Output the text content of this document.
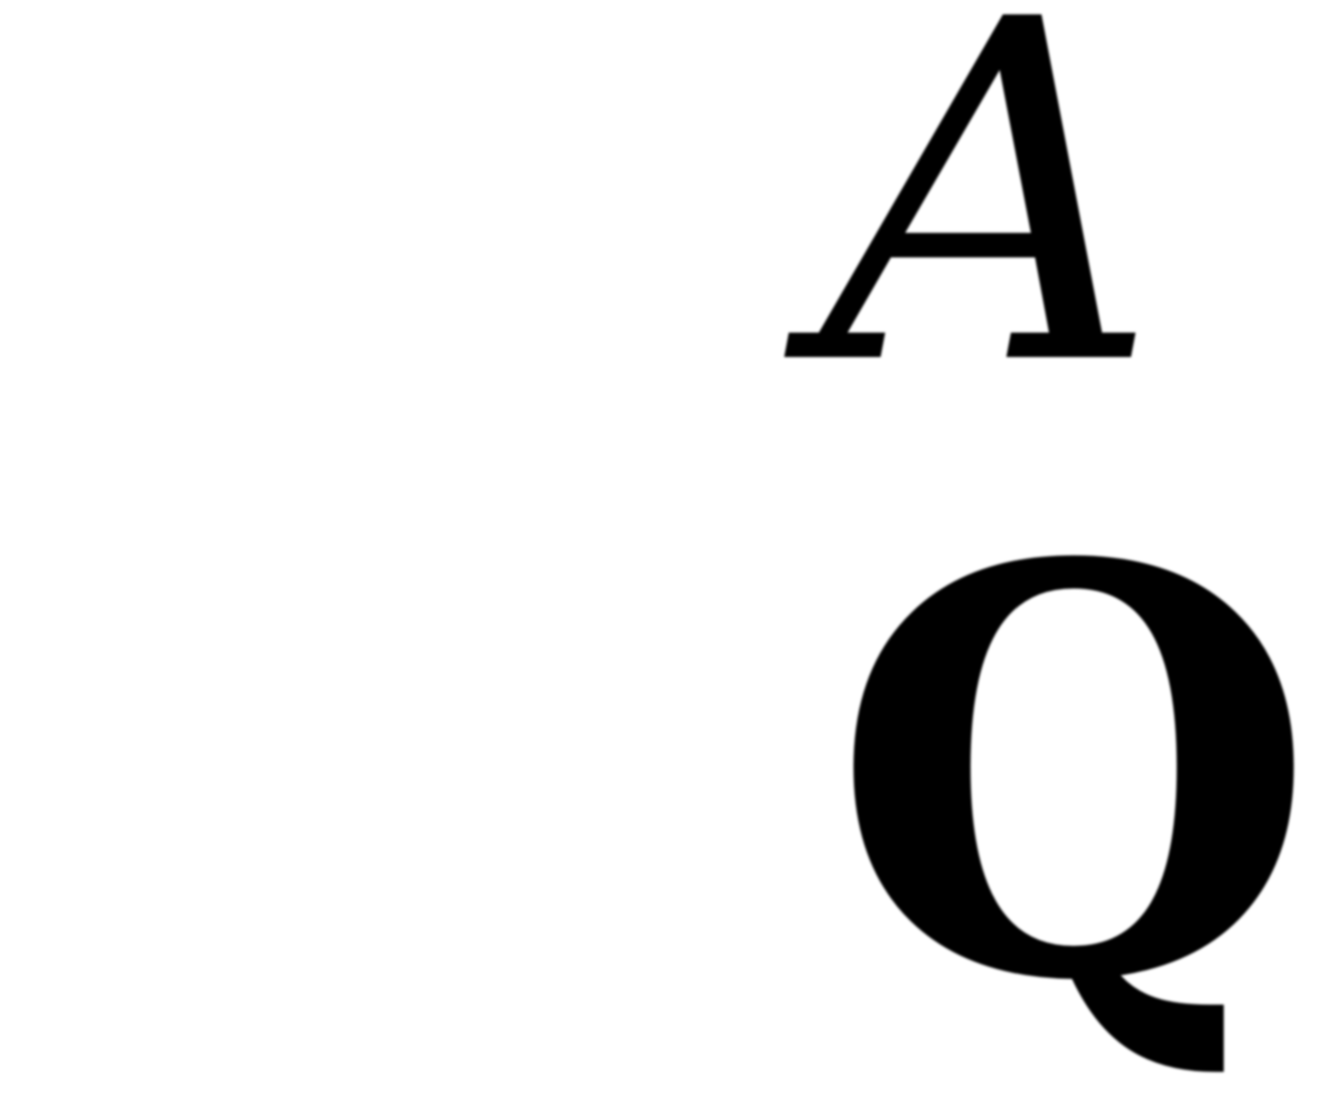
A
Q
